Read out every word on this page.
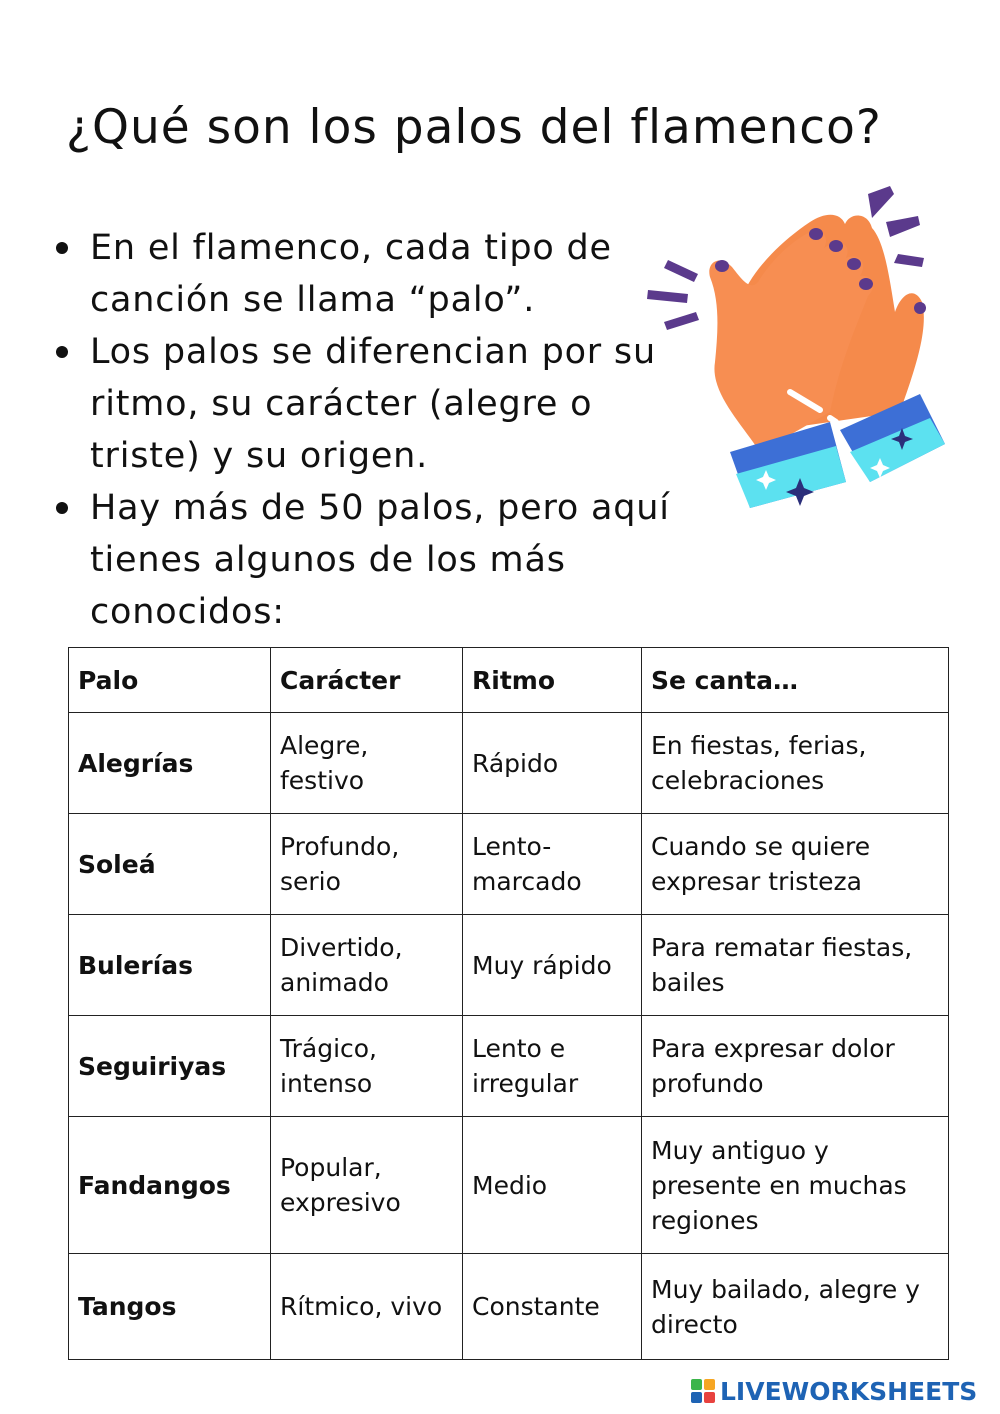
¿Qué son los palos del flamenco?
En el flamenco, cada tipo de canción se llama “palo”.
Los palos se diferencian por su ritmo, su carácter (alegre o triste) y su origen.
Hay más de 50 palos, pero aquí tienes algunos de los más conocidos:
Palo	Carácter	Ritmo	Se canta…
Alegrías	Alegre, festivo	Rápido	En fiestas, ferias, celebraciones
Soleá	Profundo, serio	Lento-marcado	Cuando se quiere expresar tristeza
Bulerías	Divertido, animado	Muy rápido	Para rematar fiestas, bailes
Seguiriyas	Trágico, intenso	Lento e irregular	Para expresar dolor profundo
Fandangos	Popular, expresivo	Medio	Muy antiguo y presente en muchas regiones
Tangos	Rítmico, vivo	Constante	Muy bailado, alegre y directo
LIVEWORKSHEETS
